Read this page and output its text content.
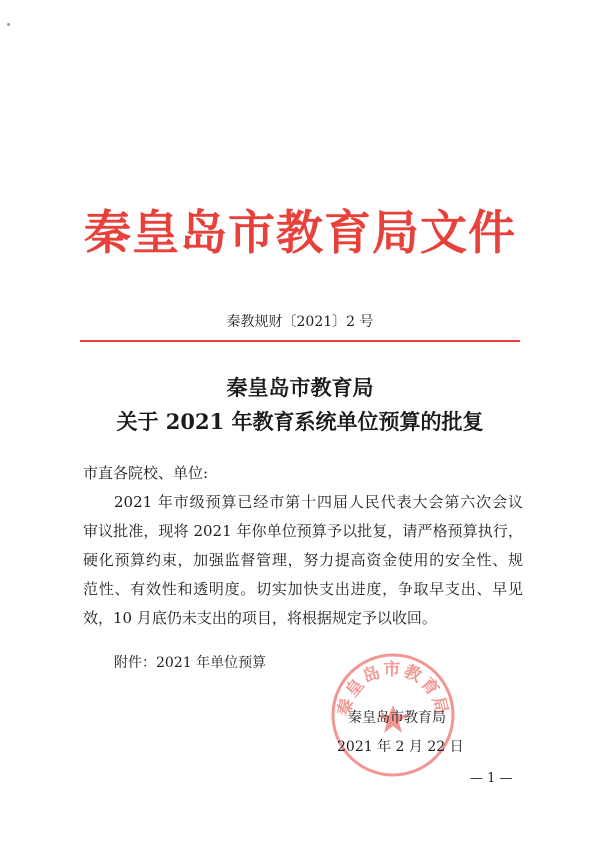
秦皇岛市教育局文件
秦教规财〔2021〕2 号
秦皇岛市教育局
关于 2021 年教育系统单位预算的批复
市直各院校、单位:
2021 年市级预算已经市第十四届人民代表大会第六次会议
审议批准，现将 2021 年你单位预算予以批复，请严格预算执行，
硬化预算约束，加强监督管理，努力提高资金使用的安全性、规
范性、有效性和透明度。切实加快支出进度，争取早支出、早见
效，10 月底仍未支出的项目，将根据规定予以收回。
附件：2021 年单位预算
秦皇岛市教育局
秦皇岛市教育局
2021 年 2 月 22 日
— 1 —
